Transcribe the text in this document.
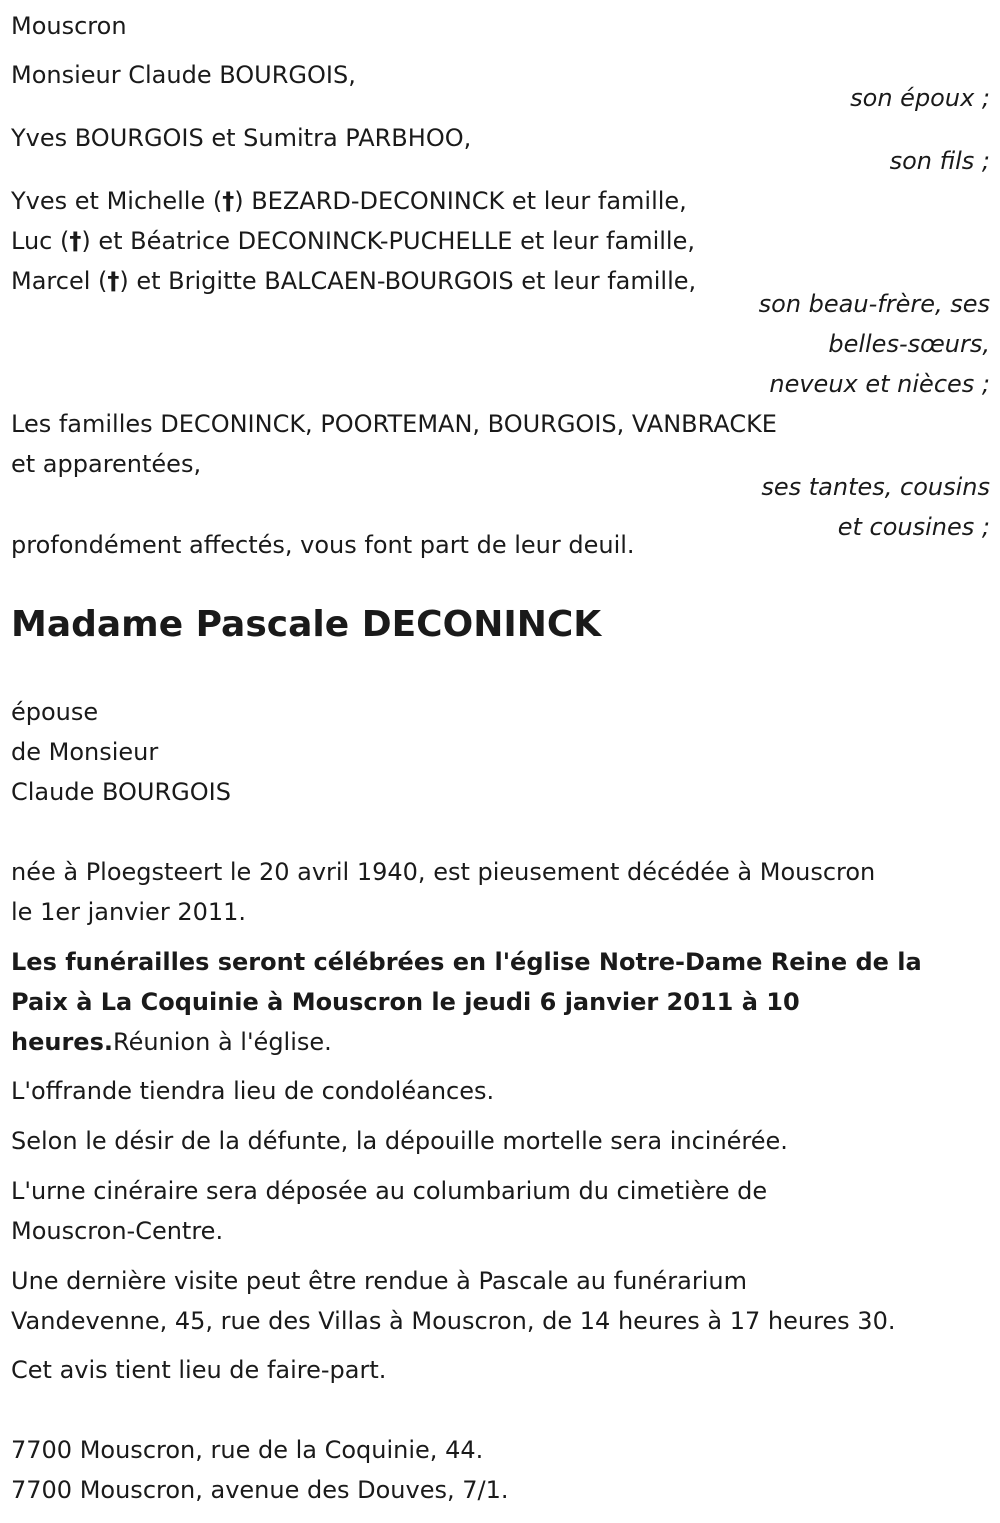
Mouscron
Monsieur Claude BOURGOIS,
son époux ;
Yves BOURGOIS et Sumitra PARBHOO,
son fils ;
Yves et Michelle (†) BEZARD-DECONINCK et leur famille,
Luc (†) et Béatrice DECONINCK-PUCHELLE et leur famille,
Marcel (†) et Brigitte BALCAEN-BOURGOIS et leur famille,
son beau-frère, ses
belles-sœurs,
neveux et nièces ;
Les familles DECONINCK, POORTEMAN, BOURGOIS, VANBRACKE
et apparentées,
ses tantes, cousins
et cousines ;
profondément affectés, vous font part de leur deuil.
Madame Pascale DECONINCK
épouse
de Monsieur
Claude BOURGOIS
née à Ploegsteert le 20 avril 1940, est pieusement décédée à Mouscron
le 1er janvier 2011.
Les funérailles seront célébrées en l'église Notre-Dame Reine de la
Paix à La Coquinie à Mouscron le jeudi 6 janvier 2011 à 10
heures.Réunion à l'église.
L'offrande tiendra lieu de condoléances.
Selon le désir de la défunte, la dépouille mortelle sera incinérée.
L'urne cinéraire sera déposée au columbarium du cimetière de
Mouscron-Centre.
Une dernière visite peut être rendue à Pascale au funérarium
Vandevenne, 45, rue des Villas à Mouscron, de 14 heures à 17 heures 30.
Cet avis tient lieu de faire-part.
7700 Mouscron, rue de la Coquinie, 44.
7700 Mouscron, avenue des Douves, 7/1.
